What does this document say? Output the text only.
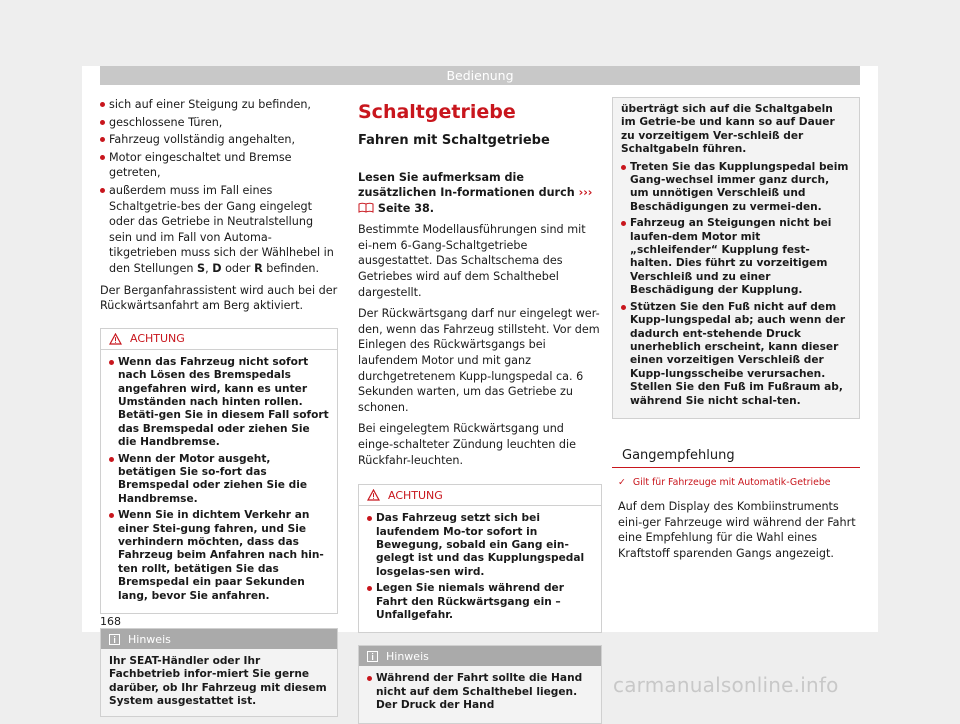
Bedienung
sich auf einer Steigung zu befinden,
geschlossene Türen,
Fahrzeug vollständig angehalten,
Motor eingeschaltet und Bremse getreten,
außerdem muss im Fall eines Schaltgetrie-bes der Gang eingelegt oder das Getriebe in Neutralstellung sein und im Fall von Automa-tikgetrieben muss sich der Wählhebel in den Stellungen S, D oder R befinden.

Der Berganfahrassistent wird auch bei der Rückwärtsanfahrt am Berg aktiviert.

ACHTUNG
Wenn das Fahrzeug nicht sofort nach Lösen des Bremspedals angefahren wird, kann es unter Umständen nach hinten rollen. Betäti-gen Sie in diesem Fall sofort das Bremspedal oder ziehen Sie die Handbremse.
Wenn der Motor ausgeht, betätigen Sie so-fort das Bremspedal oder ziehen Sie die Handbremse.
Wenn Sie in dichtem Verkehr an einer Stei-gung fahren, und Sie verhindern möchten, dass das Fahrzeug beim Anfahren nach hin-ten rollt, betätigen Sie das Bremspedal ein paar Sekunden lang, bevor Sie anfahren.
Hinweis
Ihr SEAT-Händler oder Ihr Fachbetrieb infor-miert Sie gerne darüber, ob Ihr Fahrzeug mit diesem System ausgestattet ist.
Schaltgetriebe
Fahren mit Schaltgetriebe
Lesen Sie aufmerksam die zusätzlichen In-formationen durch ›››  Seite 38.

Bestimmte Modellausführungen sind mit ei-nem 6-Gang-Schaltgetriebe ausgestattet. Das Schaltschema des Getriebes wird auf dem Schalthebel dargestellt.

Der Rückwärtsgang darf nur eingelegt wer-den, wenn das Fahrzeug stillsteht. Vor dem Einlegen des Rückwärtsgangs bei laufendem Motor und mit ganz durchgetretenem Kupp-lungspedal ca. 6 Sekunden warten, um das Getriebe zu schonen.

Bei eingelegtem Rückwärtsgang und einge-schalteter Zündung leuchten die Rückfahr-leuchten.

ACHTUNG
Das Fahrzeug setzt sich bei laufendem Mo-tor sofort in Bewegung, sobald ein Gang ein-gelegt ist und das Kupplungspedal losgelas-sen wird.
Legen Sie niemals während der Fahrt den Rückwärtsgang ein – Unfallgefahr.
Hinweis
Während der Fahrt sollte die Hand nicht auf dem Schalthebel liegen. Der Druck der Hand

überträgt sich auf die Schaltgabeln im Getrie-be und kann so auf Dauer zu vorzeitigem Ver-schleiß der Schaltgabeln führen.

Treten Sie das Kupplungspedal beim Gang-wechsel immer ganz durch, um unnötigen Verschleiß und Beschädigungen zu vermei-den.
Fahrzeug an Steigungen nicht bei laufen-dem Motor mit „schleifender“ Kupplung fest-halten. Dies führt zu vorzeitigem Verschleiß und zu einer Beschädigung der Kupplung.
Stützen Sie den Fuß nicht auf dem Kupp-lungspedal ab; auch wenn der dadurch ent-stehende Druck unerheblich erscheint, kann dieser einen vorzeitigen Verschleiß der Kupp-lungsscheibe verursachen. Stellen Sie den Fuß im Fußraum ab, während Sie nicht schal-ten.
Gangempfehlung
✓ Gilt für Fahrzeuge mit Automatik-Getriebe
Auf dem Display des Kombiinstruments eini-ger Fahrzeuge wird während der Fahrt eine Empfehlung für die Wahl eines Kraftstoff sparenden Gangs angezeigt.
168
carmanualsonline.info
